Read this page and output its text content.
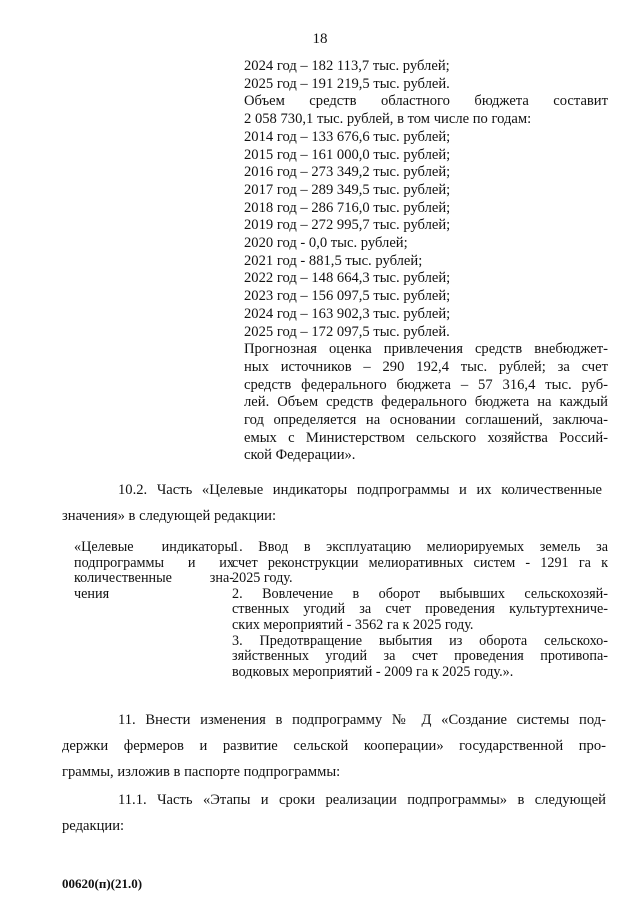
18
2024 год – 182 113,7 тыс. рублей;
2025 год – 191 219,5 тыс. рублей.
Объем средств областного бюджета составит
2 058 730,1 тыс. рублей, в том числе по годам:
2014 год – 133 676,6 тыс. рублей;
2015 год – 161 000,0 тыс. рублей;
2016 год – 273 349,2 тыс. рублей;
2017 год – 289 349,5 тыс. рублей;
2018 год – 286 716,0 тыс. рублей;
2019 год – 272 995,7 тыс. рублей;
2020 год - 0,0 тыс. рублей;
2021 год - 881,5 тыс. рублей;
2022 год – 148 664,3 тыс. рублей;
2023 год – 156 097,5 тыс. рублей;
2024 год – 163 902,3 тыс. рублей;
2025 год – 172 097,5 тыс. рублей.
Прогнозная оценка привлечения средств внебюджет-
ных источников – 290 192,4 тыс. рублей; за счет
средств федерального бюджета – 57 316,4 тыс. руб-
лей. Объем средств федерального бюджета на каждый
год определяется на основании соглашений, заключа-
емых с Министерством сельского хозяйства Россий-
ской Федерации».
10.2. Часть «Целевые индикаторы подпрограммы и их количественные
значения» в следующей редакции:
«Целевые индикаторы
подпрограммы и их
количественные зна-
чения
1. Ввод в эксплуатацию мелиорируемых земель за
счет реконструкции мелиоративных систем - 1291 га к
2025 году.
2. Вовлечение в оборот выбывших сельскохозяй-
ственных угодий за счет проведения культуртехниче-
ских мероприятий - 3562 га к 2025 году.
3. Предотвращение выбытия из оборота сельскохо-
зяйственных угодий за счет проведения противопа-
водковых мероприятий - 2009 га к 2025 году.».
11. Внести изменения в подпрограмму № Д «Создание системы под-
держки фермеров и развитие сельской кооперации» государственной про-
граммы, изложив в паспорте подпрограммы:
11.1. Часть «Этапы и сроки реализации подпрограммы» в следующей
редакции:
00620(п)(21.0)
